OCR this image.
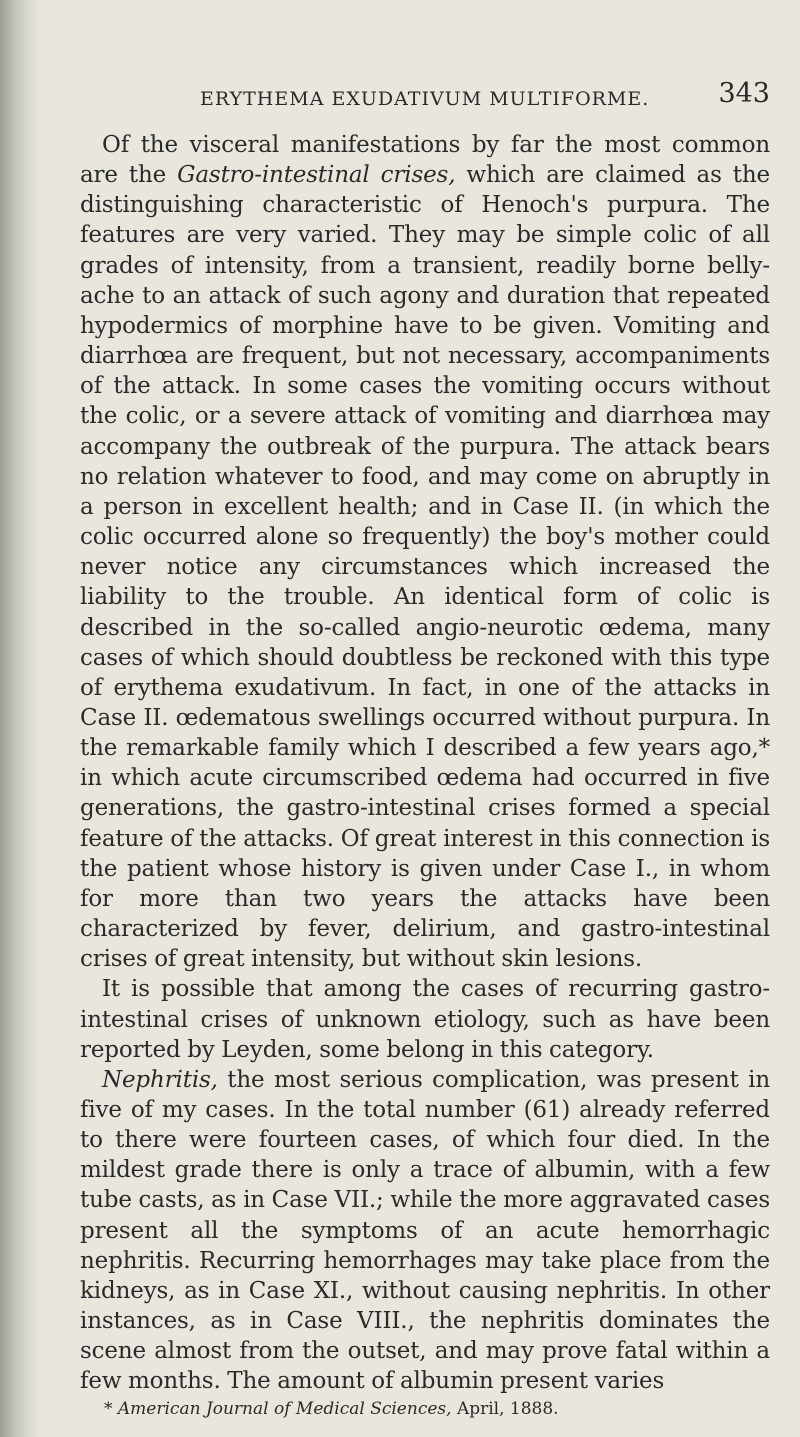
ERYTHEMA EXUDATIVUM MULTIFORME.	343

Of the visceral manifestations by far the most common are the Gastro-intestinal crises, which are claimed as the distinguishing characteristic of Henoch's purpura. The features are very varied. They may be simple colic of all grades of intensity, from a transient, readily borne belly-ache to an attack of such agony and duration that repeated hypodermics of morphine have to be given. Vomiting and diarrhœa are frequent, but not necessary, accompaniments of the attack. In some cases the vomiting occurs without the colic, or a severe attack of vomiting and diarrhœa may accompany the outbreak of the purpura. The attack bears no relation whatever to food, and may come on abruptly in a person in excellent health; and in Case II. (in which the colic occurred alone so frequently) the boy's mother could never notice any circumstances which increased the liability to the trouble. An identical form of colic is described in the so-called angio-neurotic œdema, many cases of which should doubtless be reckoned with this type of erythema exudativum. In fact, in one of the attacks in Case II. œdematous swellings occurred without purpura. In the remarkable family which I described a few years ago,* in which acute circumscribed œdema had occurred in five generations, the gastro-intestinal crises formed a special feature of the attacks. Of great interest in this connection is the patient whose history is given under Case I., in whom for more than two years the attacks have been characterized by fever, delirium, and gastro-intestinal crises of great intensity, but without skin lesions.

It is possible that among the cases of recurring gastro-intestinal crises of unknown etiology, such as have been reported by Leyden, some belong in this category.

Nephritis, the most serious complication, was present in five of my cases. In the total number (61) already referred to there were fourteen cases, of which four died. In the mildest grade there is only a trace of albumin, with a few tube casts, as in Case VII.; while the more aggravated cases present all the symptoms of an acute hemorrhagic nephritis. Recurring hemorrhages may take place from the kidneys, as in Case XI., without causing nephritis. In other instances, as in Case VIII., the nephritis dominates the scene almost from the outset, and may prove fatal within a few months. The amount of albumin present varies

* American Journal of Medical Sciences, April, 1888.
